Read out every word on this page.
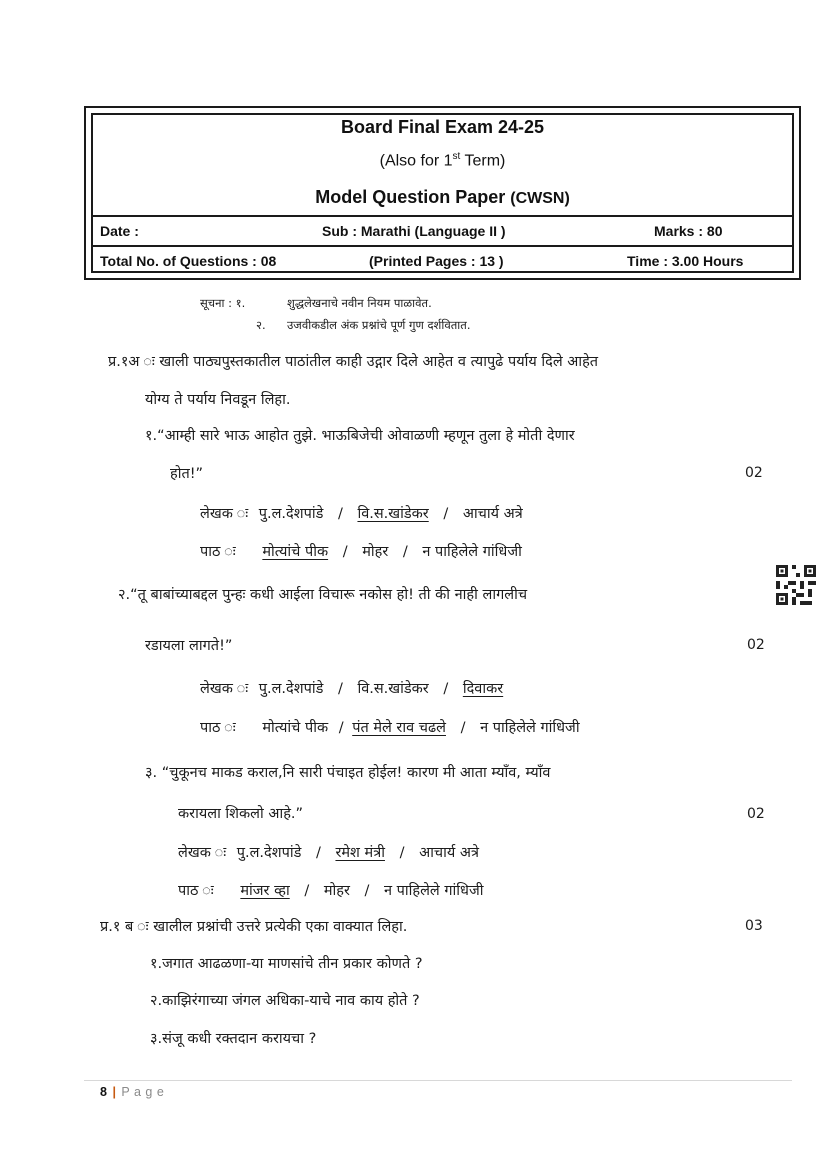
Board Final Exam 24-25
(Also for 1st Term)
Model Question Paper (CWSN)
Date :	Sub : Marathi (Language II )	Marks : 80
Total No. of Questions : 08	(Printed Pages : 13 )	Time : 3.00 Hours
सूचना : १.	शुद्धलेखनाचे नवीन नियम पाळावेत.
२. उजवीकडील अंक प्रश्नांचे पूर्ण गुण दर्शवितात.
प्र.१अ ः खाली पाठ्यपुस्तकातील पाठांतील काही उद्गार दिले आहेत व त्यापुढे पर्याय दिले आहेत
योग्य ते पर्याय निवडून लिहा.
१.“आम्ही सारे भाऊ आहोत तुझे. भाऊबिजेची ओवाळणी म्हणून तुला हे मोती देणार
होत!”	02
लेखक ः पु.ल.देशपांडे / वि.स.खांडेकर / आचार्य अत्रे
पाठ ः मोत्यांचे पीक / मोहर / न पाहिलेले गांधिजी
२.“तू बाबांच्याबद्दल पुन्हः कधी आईला विचारू नकोस हो! ती की नाही लागलीच
रडायला लागते!”	02
लेखक ः पु.ल.देशपांडे / वि.स.खांडेकर / दिवाकर
पाठ ः मोत्यांचे पीक / पंत मेले राव चढले / न पाहिलेले गांधिजी
३. “चुकूनच माकड कराल,नि सारी पंचाइत होईल! कारण मी आता म्याँव, म्याँव
करायला शिकलो आहे.”	02
लेखक ः पु.ल.देशपांडे / रमेश मंत्री / आचार्य अत्रे
पाठ ः मांजर व्हा / मोहर / न पाहिलेले गांधिजी
प्र.१ ब ः खालील प्रश्नांची उत्तरे प्रत्येकी एका वाक्यात लिहा.	03
१.जगात आढळणा-या माणसांचे तीन प्रकार कोणते ?
२.काझिरंगाच्या जंगल अधिका-याचे नाव काय होते ?
३.संजू कधी रक्तदान करायचा ?
8 | P a g e
